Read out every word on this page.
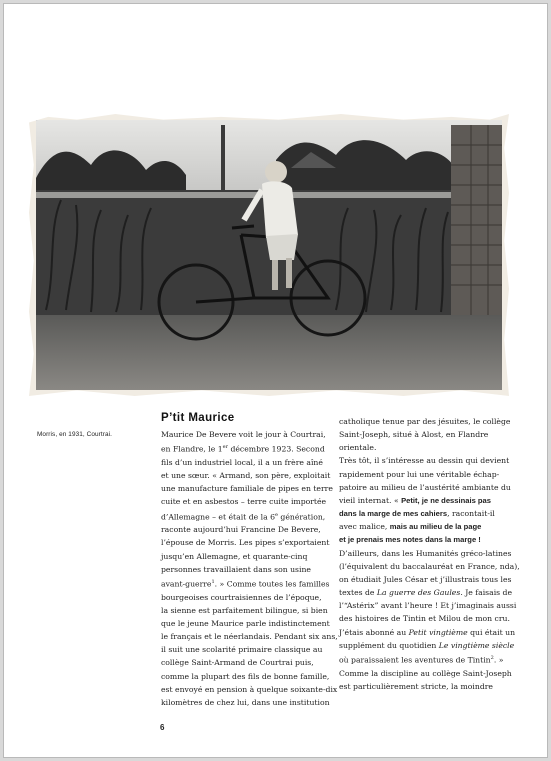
Morris, en 1931, Courtrai.
P’tit Maurice
Maurice De Bevere voit le jour à Courtrai,
en Flandre, le 1er décembre 1923. Second
fils d’un industriel local, il a un frère aîné
et une sœur. « Armand, son père, exploitait
une manufacture familiale de pipes en terre
cuite et en asbestos – terre cuite importée
d’Allemagne – et était de la 6e génération,
raconte aujourd’hui Francine De Bevere,
l’épouse de Morris. Les pipes s’exportaient
jusqu’en Allemagne, et quarante-cinq
personnes travaillaient dans son usine
avant-guerre$^1$. » Comme toutes les familles
bourgeoises courtraisiennes de l’époque,
la sienne est parfaitement bilingue, si bien
que le jeune Maurice parle indistinctement
le français et le néerlandais. Pendant six ans,
il suit une scolarité primaire classique au
collège Saint-Armand de Courtrai puis,
comme la plupart des fils de bonne famille,
est envoyé en pension à quelque soixante-dix
kilomètres de chez lui, dans une institution
catholique tenue par des jésuites, le collège
Saint-Joseph, situé à Alost, en Flandre
orientale.
Très tôt, il s’intéresse au dessin qui devient
rapidement pour lui une véritable échap-
patoire au milieu de l’austérité ambiante du
vieil internat. « Petit, je ne dessinais pas
dans la marge de mes cahiers, racontait-il
avec malice, mais au milieu de la page
et je prenais mes notes dans la marge !
D’ailleurs, dans les Humanités gréco-latines
(l’équivalent du baccalauréat en France, nda),
on étudiait Jules César et j’illustrais tous les
textes de La guerre des Gaules. Je faisais de
l’“Astérix” avant l’heure ! Et j’imaginais aussi
des histoires de Tintin et Milou de mon cru.
J’étais abonné au Petit vingtième qui était un
supplément du quotidien Le vingtième siècle
où paraissaient les aventures de Tintin$^2$. »
Comme la discipline au collège Saint-Joseph
est particulièrement stricte, la moindre
6
